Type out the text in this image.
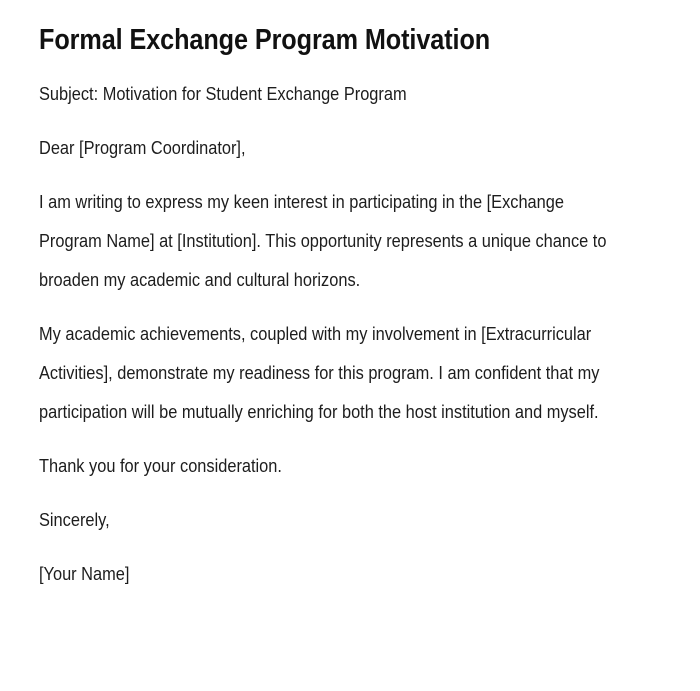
Formal Exchange Program Motivation

Subject: Motivation for Student Exchange Program

Dear [Program Coordinator],

I am writing to express my keen interest in participating in the [Exchange Program Name] at [Institution]. This opportunity represents a unique chance to broaden my academic and cultural horizons.

My academic achievements, coupled with my involvement in [Extracurricular Activities], demonstrate my readiness for this program. I am confident that my participation will be mutually enriching for both the host institution and myself.

Thank you for your consideration.

Sincerely,

[Your Name]
